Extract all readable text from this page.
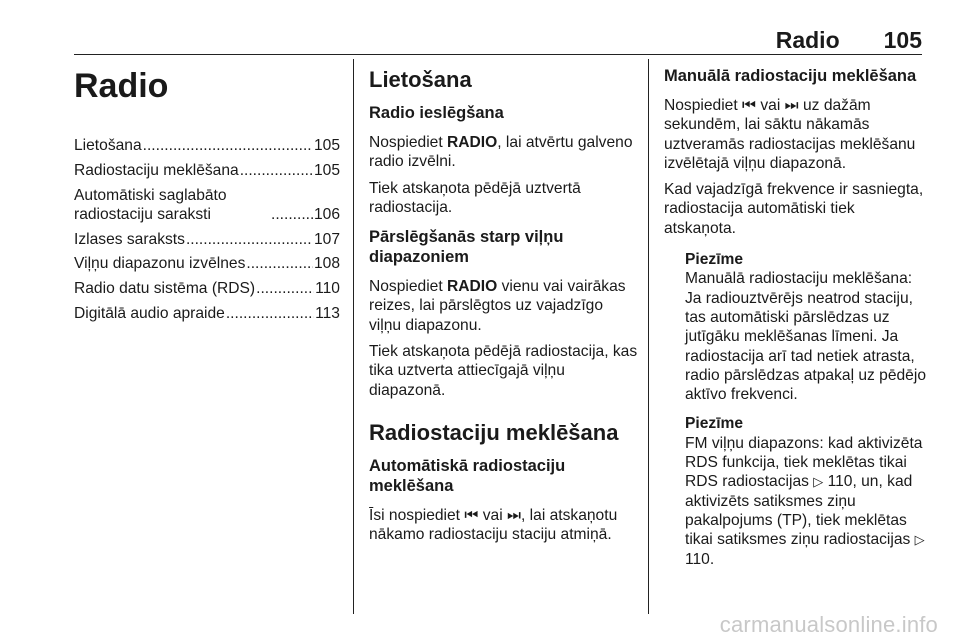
Radio 105
Radio
Lietošana .....	105
Radiostaciju meklēšana .....	105
Automātiski saglabāto radiostaciju saraksti .....	106
Izlases saraksts .....	107
Viļņu diapazonu izvēlnes .....	108
Radio datu sistēma (RDS) .....	110
Digitālā audio apraide .....	113
Lietošana
Radio ieslēgšana

Nospiediet RADIO, lai atvērtu galveno radio izvēlni.

Tiek atskaņota pēdējā uztvertā radiostacija.

Pārslēgšanās starp viļņu diapazoniem

Nospiediet RADIO vienu vai vairākas reizes, lai pārslēgtos uz vajadzīgo viļņu diapazonu.

Tiek atskaņota pēdējā radiostacija, kas tika uztverta attiecīgajā viļņu diapazonā.

Radiostaciju meklēšana
Automātiskā radiostaciju meklēšana

Īsi nospiediet ⏮ vai ⏭, lai atskaņotu nākamo radiostaciju staciju atmiņā.

Manuālā radiostaciju meklēšana

Nospiediet ⏮ vai ⏭ uz dažām sekundēm, lai sāktu nākamās uztveramās radiostacijas meklēšanu izvēlētajā viļņu diapazonā.

Kad vajadzīgā frekvence ir sasniegta, radiostacija automātiski tiek atskaņota.

Piezīme

Manuālā radiostaciju meklēšana: Ja radiouztvērējs neatrod staciju, tas automātiski pārslēdzas uz jutīgāku meklēšanas līmeni. Ja radiostacija arī tad netiek atrasta, radio pārslēdzas atpakaļ uz pēdējo aktīvo frekvenci.

Piezīme

FM viļņu diapazons: kad aktivizēta RDS funkcija, tiek meklētas tikai RDS radiostacijas ▷ 110, un, kad aktivizēts satiksmes ziņu pakalpojums (TP), tiek meklētas tikai satiksmes ziņu radiostacijas ▷ 110.

carmanualsonline.info
